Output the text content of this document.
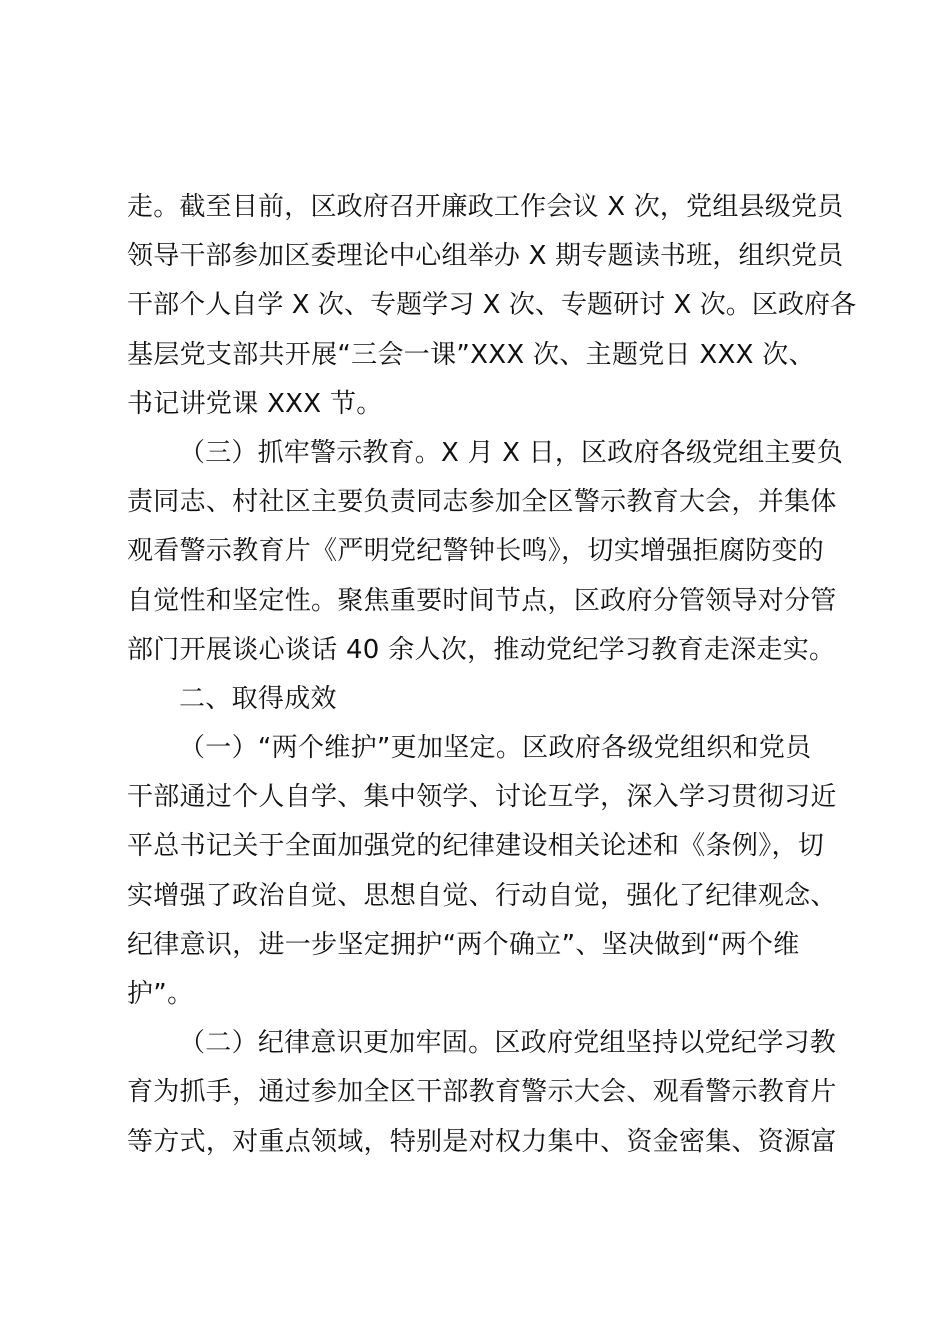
走。截至目前，区政府召开廉政工作会议 X 次，党组县级党员
领导干部参加区委理论中心组举办 X 期专题读书班，组织党员
干部个人自学 X 次、专题学习 X 次、专题研讨 X 次。区政府各
基层党支部共开展“三会一课”XXX 次、主题党日 XXX 次、
书记讲党课 XXX 节。
（三）抓牢警示教育。X 月 X 日，区政府各级党组主要负
责同志、村社区主要负责同志参加全区警示教育大会，并集体
观看警示教育片《严明党纪警钟长鸣》，切实增强拒腐防变的
自觉性和坚定性。聚焦重要时间节点，区政府分管领导对分管
部门开展谈心谈话 40 余人次，推动党纪学习教育走深走实。
二、取得成效
（一）“两个维护”更加坚定。区政府各级党组织和党员
干部通过个人自学、集中领学、讨论互学，深入学习贯彻习近
平总书记关于全面加强党的纪律建设相关论述和《条例》，切
实增强了政治自觉、思想自觉、行动自觉，强化了纪律观念、
纪律意识，进一步坚定拥护“两个确立”、坚决做到“两个维
护”。
（二）纪律意识更加牢固。区政府党组坚持以党纪学习教
育为抓手，通过参加全区干部教育警示大会、观看警示教育片
等方式，对重点领域，特别是对权力集中、资金密集、资源富
